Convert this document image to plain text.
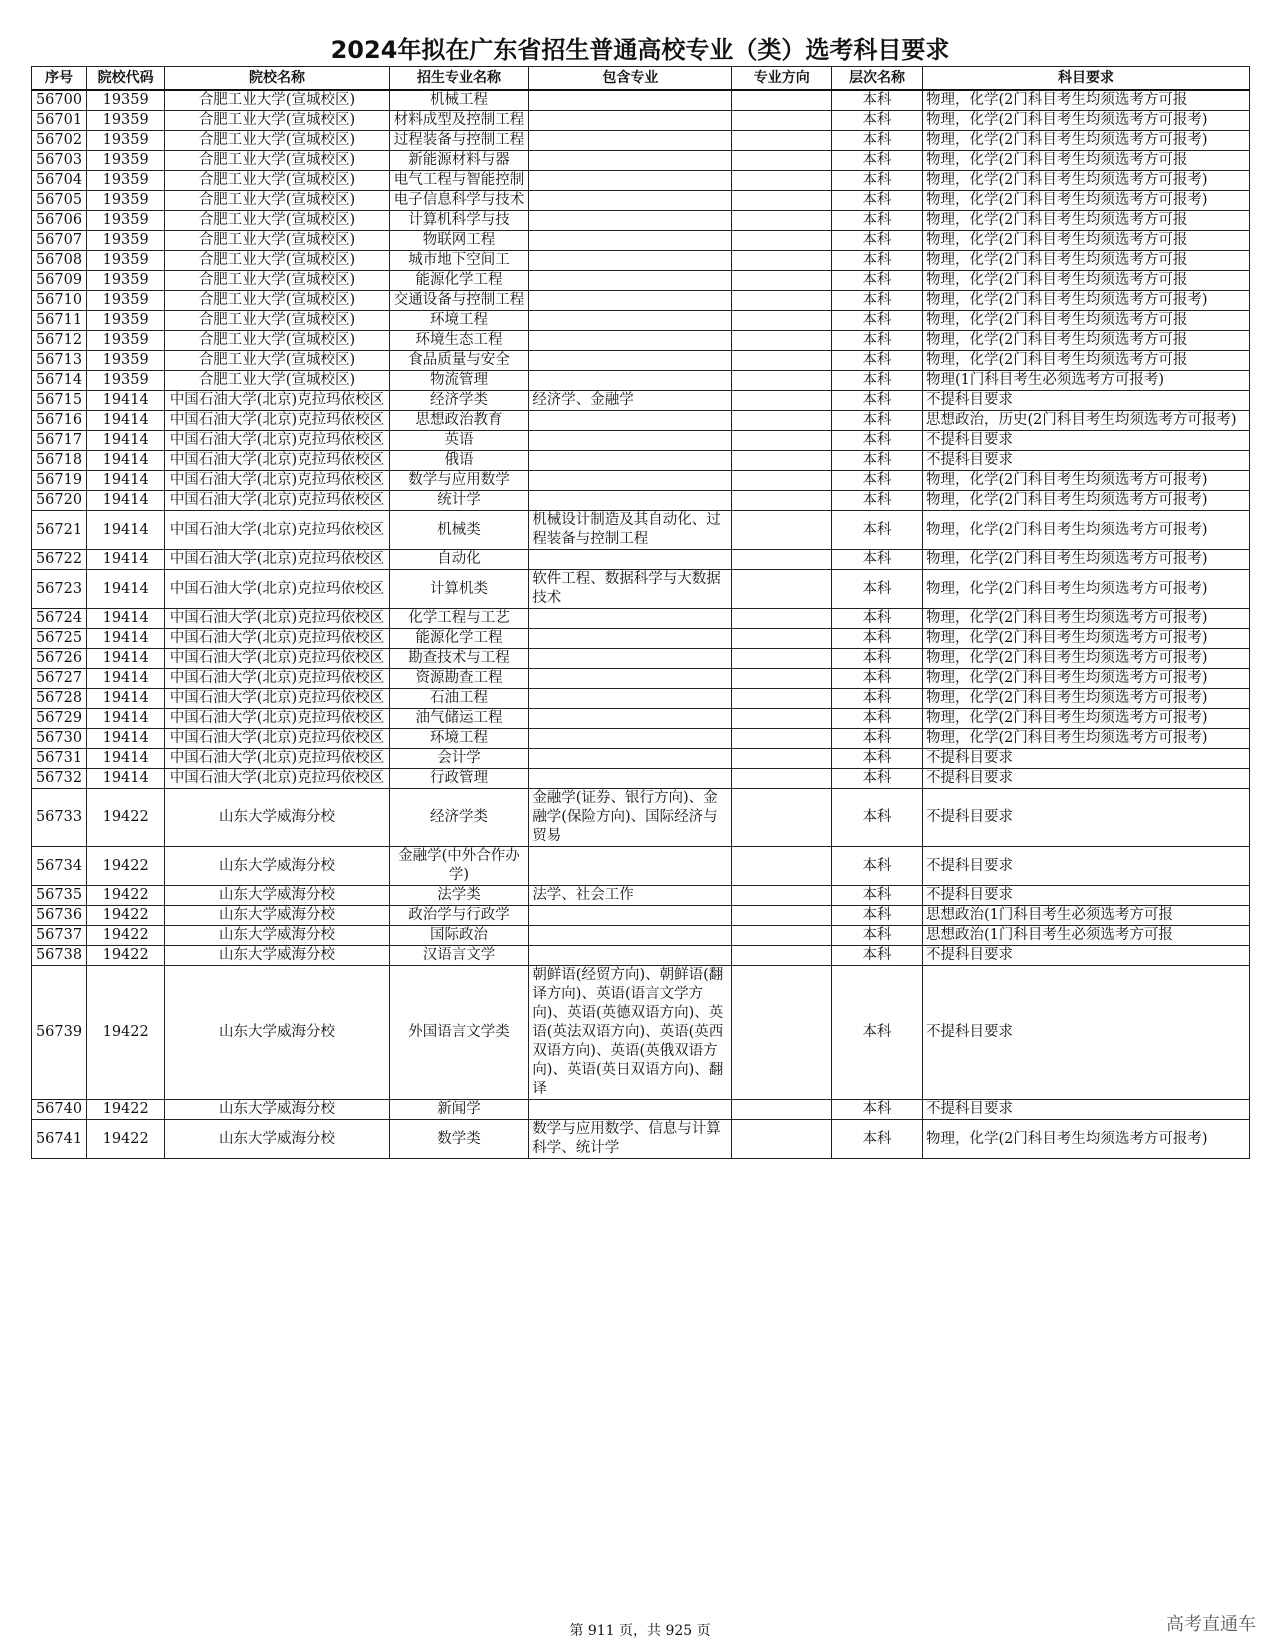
2024年拟在广东省招生普通高校专业（类）选考科目要求
序号	院校代码	院校名称	招生专业名称	包含专业	专业方向	层次名称	科目要求
56700	19359	合肥工业大学(宣城校区)	机械工程			本科	物理，化学(2门科目考生均须选考方可报
56701	19359	合肥工业大学(宣城校区)	材料成型及控制工程			本科	物理，化学(2门科目考生均须选考方可报考)
56702	19359	合肥工业大学(宣城校区)	过程装备与控制工程			本科	物理，化学(2门科目考生均须选考方可报考)
56703	19359	合肥工业大学(宣城校区)	新能源材料与器			本科	物理，化学(2门科目考生均须选考方可报
56704	19359	合肥工业大学(宣城校区)	电气工程与智能控制			本科	物理，化学(2门科目考生均须选考方可报考)
56705	19359	合肥工业大学(宣城校区)	电子信息科学与技术			本科	物理，化学(2门科目考生均须选考方可报考)
56706	19359	合肥工业大学(宣城校区)	计算机科学与技			本科	物理，化学(2门科目考生均须选考方可报
56707	19359	合肥工业大学(宣城校区)	物联网工程			本科	物理，化学(2门科目考生均须选考方可报
56708	19359	合肥工业大学(宣城校区)	城市地下空间工			本科	物理，化学(2门科目考生均须选考方可报
56709	19359	合肥工业大学(宣城校区)	能源化学工程			本科	物理，化学(2门科目考生均须选考方可报
56710	19359	合肥工业大学(宣城校区)	交通设备与控制工程			本科	物理，化学(2门科目考生均须选考方可报考)
56711	19359	合肥工业大学(宣城校区)	环境工程			本科	物理，化学(2门科目考生均须选考方可报
56712	19359	合肥工业大学(宣城校区)	环境生态工程			本科	物理，化学(2门科目考生均须选考方可报
56713	19359	合肥工业大学(宣城校区)	食品质量与安全			本科	物理，化学(2门科目考生均须选考方可报
56714	19359	合肥工业大学(宣城校区)	物流管理			本科	物理(1门科目考生必须选考方可报考)
56715	19414	中国石油大学(北京)克拉玛依校区	经济学类	经济学、金融学		本科	不提科目要求
56716	19414	中国石油大学(北京)克拉玛依校区	思想政治教育			本科	思想政治，历史(2门科目考生均须选考方可报考)
56717	19414	中国石油大学(北京)克拉玛依校区	英语			本科	不提科目要求
56718	19414	中国石油大学(北京)克拉玛依校区	俄语			本科	不提科目要求
56719	19414	中国石油大学(北京)克拉玛依校区	数学与应用数学			本科	物理，化学(2门科目考生均须选考方可报考)
56720	19414	中国石油大学(北京)克拉玛依校区	统计学			本科	物理，化学(2门科目考生均须选考方可报考)
56721	19414	中国石油大学(北京)克拉玛依校区	机械类	机械设计制造及其自动化、过程装备与控制工程		本科	物理，化学(2门科目考生均须选考方可报考)
56722	19414	中国石油大学(北京)克拉玛依校区	自动化			本科	物理，化学(2门科目考生均须选考方可报考)
56723	19414	中国石油大学(北京)克拉玛依校区	计算机类	软件工程、数据科学与大数据技术		本科	物理，化学(2门科目考生均须选考方可报考)
56724	19414	中国石油大学(北京)克拉玛依校区	化学工程与工艺			本科	物理，化学(2门科目考生均须选考方可报考)
56725	19414	中国石油大学(北京)克拉玛依校区	能源化学工程			本科	物理，化学(2门科目考生均须选考方可报考)
56726	19414	中国石油大学(北京)克拉玛依校区	勘查技术与工程			本科	物理，化学(2门科目考生均须选考方可报考)
56727	19414	中国石油大学(北京)克拉玛依校区	资源勘查工程			本科	物理，化学(2门科目考生均须选考方可报考)
56728	19414	中国石油大学(北京)克拉玛依校区	石油工程			本科	物理，化学(2门科目考生均须选考方可报考)
56729	19414	中国石油大学(北京)克拉玛依校区	油气储运工程			本科	物理，化学(2门科目考生均须选考方可报考)
56730	19414	中国石油大学(北京)克拉玛依校区	环境工程			本科	物理，化学(2门科目考生均须选考方可报考)
56731	19414	中国石油大学(北京)克拉玛依校区	会计学			本科	不提科目要求
56732	19414	中国石油大学(北京)克拉玛依校区	行政管理			本科	不提科目要求
56733	19422	山东大学威海分校	经济学类	金融学(证券、银行方向)、金融学(保险方向)、国际经济与贸易		本科	不提科目要求
56734	19422	山东大学威海分校	金融学(中外合作办学)			本科	不提科目要求
56735	19422	山东大学威海分校	法学类	法学、社会工作		本科	不提科目要求
56736	19422	山东大学威海分校	政治学与行政学			本科	思想政治(1门科目考生必须选考方可报
56737	19422	山东大学威海分校	国际政治			本科	思想政治(1门科目考生必须选考方可报
56738	19422	山东大学威海分校	汉语言文学			本科	不提科目要求
56739	19422	山东大学威海分校	外国语言文学类	朝鲜语(经贸方向)、朝鲜语(翻译方向)、英语(语言文学方向)、英语(英德双语方向)、英语(英法双语方向)、英语(英西双语方向)、英语(英俄双语方向)、英语(英日双语方向)、翻译		本科	不提科目要求
56740	19422	山东大学威海分校	新闻学			本科	不提科目要求
56741	19422	山东大学威海分校	数学类	数学与应用数学、信息与计算科学、统计学		本科	物理，化学(2门科目考生均须选考方可报考)
第 911 页，共 925 页	高考直通车
